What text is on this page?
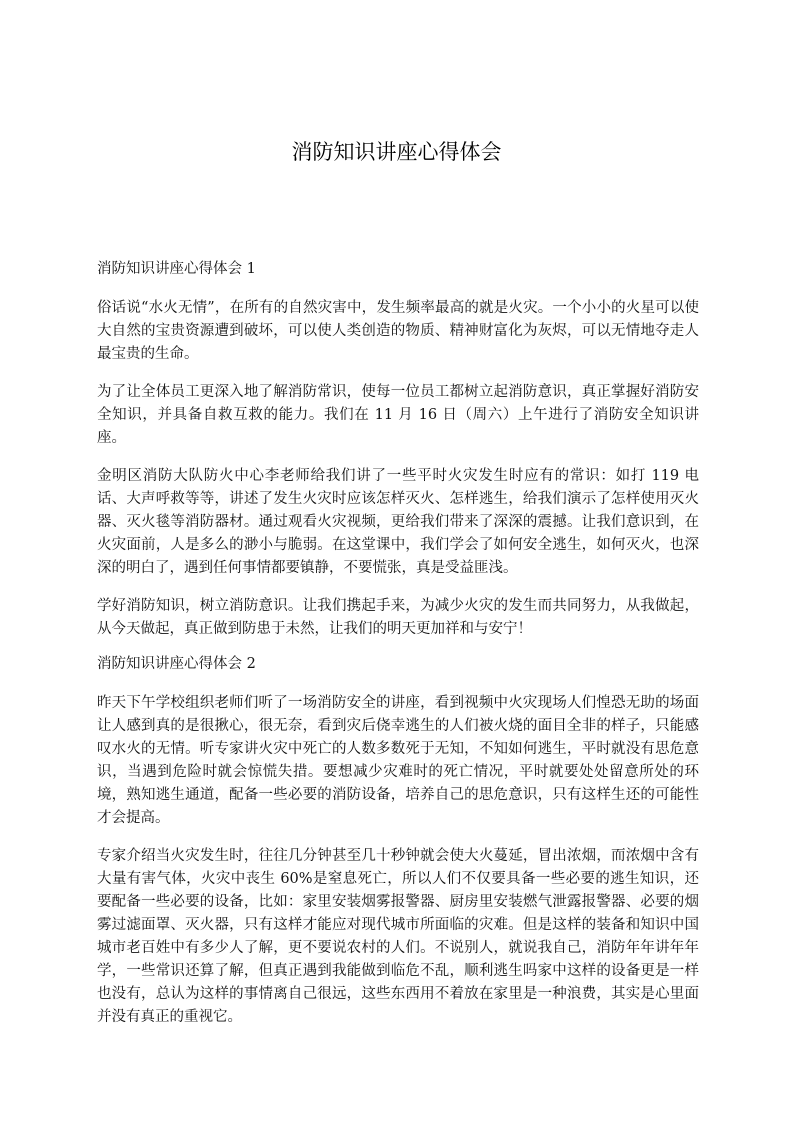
消防知识讲座心得体会

消防知识讲座心得体会 1

俗话说“水火无情”，在所有的自然灾害中，发生频率最高的就是火灾。一个小小的火星可以使大自然的宝贵资源遭到破坏，可以使人类创造的物质、精神财富化为灰烬，可以无情地夺走人最宝贵的生命。

为了让全体员工更深入地了解消防常识，使每一位员工都树立起消防意识，真正掌握好消防安全知识，并具备自救互救的能力。我们在 11 月 16 日（周六）上午进行了消防安全知识讲座。

金明区消防大队防火中心李老师给我们讲了一些平时火灾发生时应有的常识：如打 119 电话、大声呼救等等，讲述了发生火灾时应该怎样灭火、怎样逃生，给我们演示了怎样使用灭火器、灭火毯等消防器材。通过观看火灾视频，更给我们带来了深深的震撼。让我们意识到，在火灾面前，人是多么的渺小与脆弱。在这堂课中，我们学会了如何安全逃生，如何灭火，也深深的明白了，遇到任何事情都要镇静，不要慌张，真是受益匪浅。

学好消防知识，树立消防意识。让我们携起手来，为减少火灾的发生而共同努力，从我做起，从今天做起，真正做到防患于未然，让我们的明天更加祥和与安宁！

消防知识讲座心得体会 2

昨天下午学校组织老师们听了一场消防安全的讲座，看到视频中火灾现场人们惶恐无助的场面让人感到真的是很揪心，很无奈，看到灾后侥幸逃生的人们被火烧的面目全非的样子，只能感叹水火的无情。听专家讲火灾中死亡的人数多数死于无知，不知如何逃生，平时就没有思危意识，当遇到危险时就会惊慌失措。要想减少灾难时的死亡情况，平时就要处处留意所处的环境，熟知逃生通道，配备一些必要的消防设备，培养自己的思危意识，只有这样生还的可能性才会提高。

专家介绍当火灾发生时，往往几分钟甚至几十秒钟就会使大火蔓延，冒出浓烟，而浓烟中含有大量有害气体，火灾中丧生 60%是窒息死亡，所以人们不仅要具备一些必要的逃生知识，还要配备一些必要的设备，比如：家里安装烟雾报警器、厨房里安装燃气泄露报警器、必要的烟雾过滤面罩、灭火器，只有这样才能应对现代城市所面临的灾难。但是这样的装备和知识中国城市老百姓中有多少人了解，更不要说农村的人们。不说别人，就说我自己，消防年年讲年年学，一些常识还算了解，但真正遇到我能做到临危不乱，顺利逃生吗家中这样的设备更是一样也没有，总认为这样的事情离自己很远，这些东西用不着放在家里是一种浪费，其实是心里面并没有真正的重视它。
